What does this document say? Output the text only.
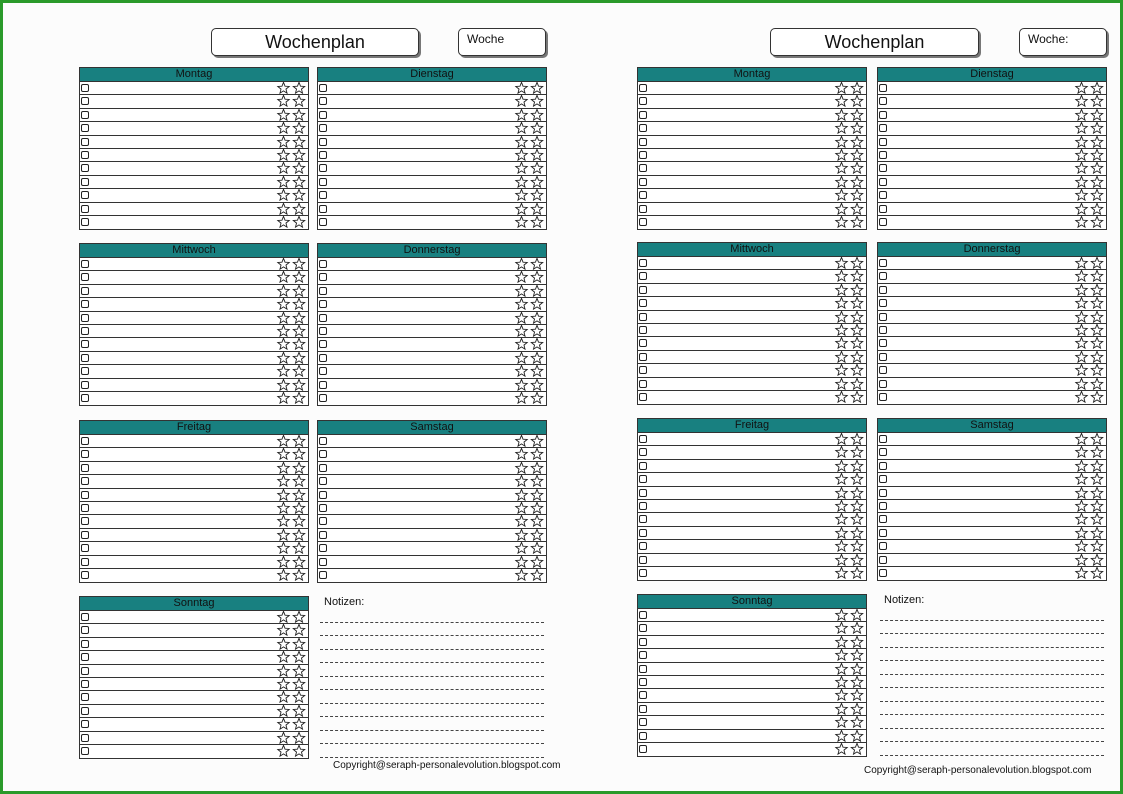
Wochenplan	Woche
Montag	Dienstag
Mittwoch	Donnerstag
Freitag	Samstag
Sonntag	Notizen:
Copyright@seraph-personalevolution.blogspot.com
Wochenplan	Woche:
Montag	Dienstag
Mittwoch	Donnerstag
Freitag	Samstag
Sonntag	Notizen:
Copyright@seraph-personalevolution.blogspot.com
